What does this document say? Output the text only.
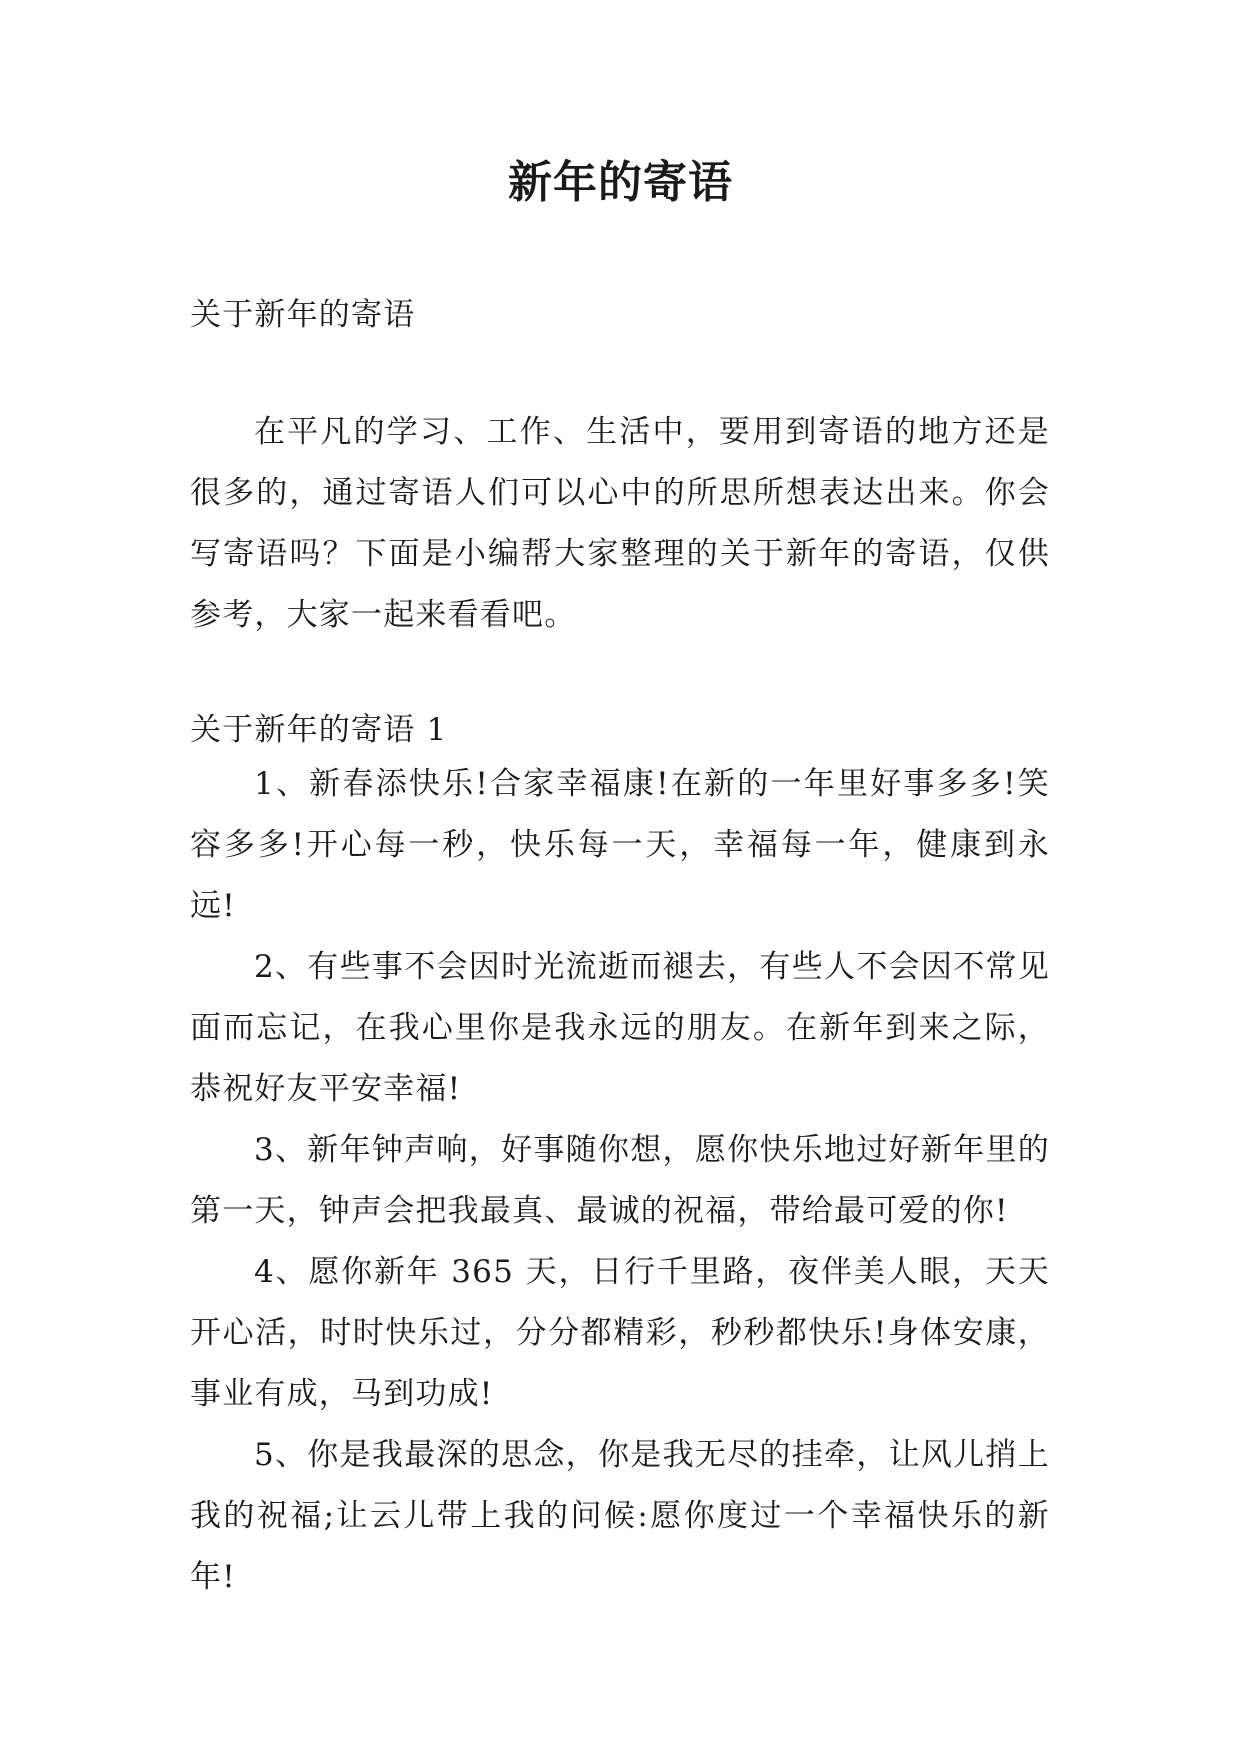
新年的寄语

关于新年的寄语

在平凡的学习、工作、生活中，要用到寄语的地方还是很多的，通过寄语人们可以心中的所思所想表达出来。你会写寄语吗？下面是小编帮大家整理的关于新年的寄语，仅供参考，大家一起来看看吧。

关于新年的寄语 1

1、新春添快乐!合家幸福康!在新的一年里好事多多!笑容多多!开心每一秒，快乐每一天，幸福每一年，健康到永远!
2、有些事不会因时光流逝而褪去，有些人不会因不常见面而忘记，在我心里你是我永远的朋友。在新年到来之际，恭祝好友平安幸福!
3、新年钟声响，好事随你想，愿你快乐地过好新年里的第一天，钟声会把我最真、最诚的祝福，带给最可爱的你!
4、愿你新年 365 天，日行千里路，夜伴美人眼，天天开心活，时时快乐过，分分都精彩，秒秒都快乐!身体安康，事业有成，马到功成!
5、你是我最深的思念，你是我无尽的挂牵，让风儿捎上我的祝福;让云儿带上我的问候:愿你度过一个幸福快乐的新年!
